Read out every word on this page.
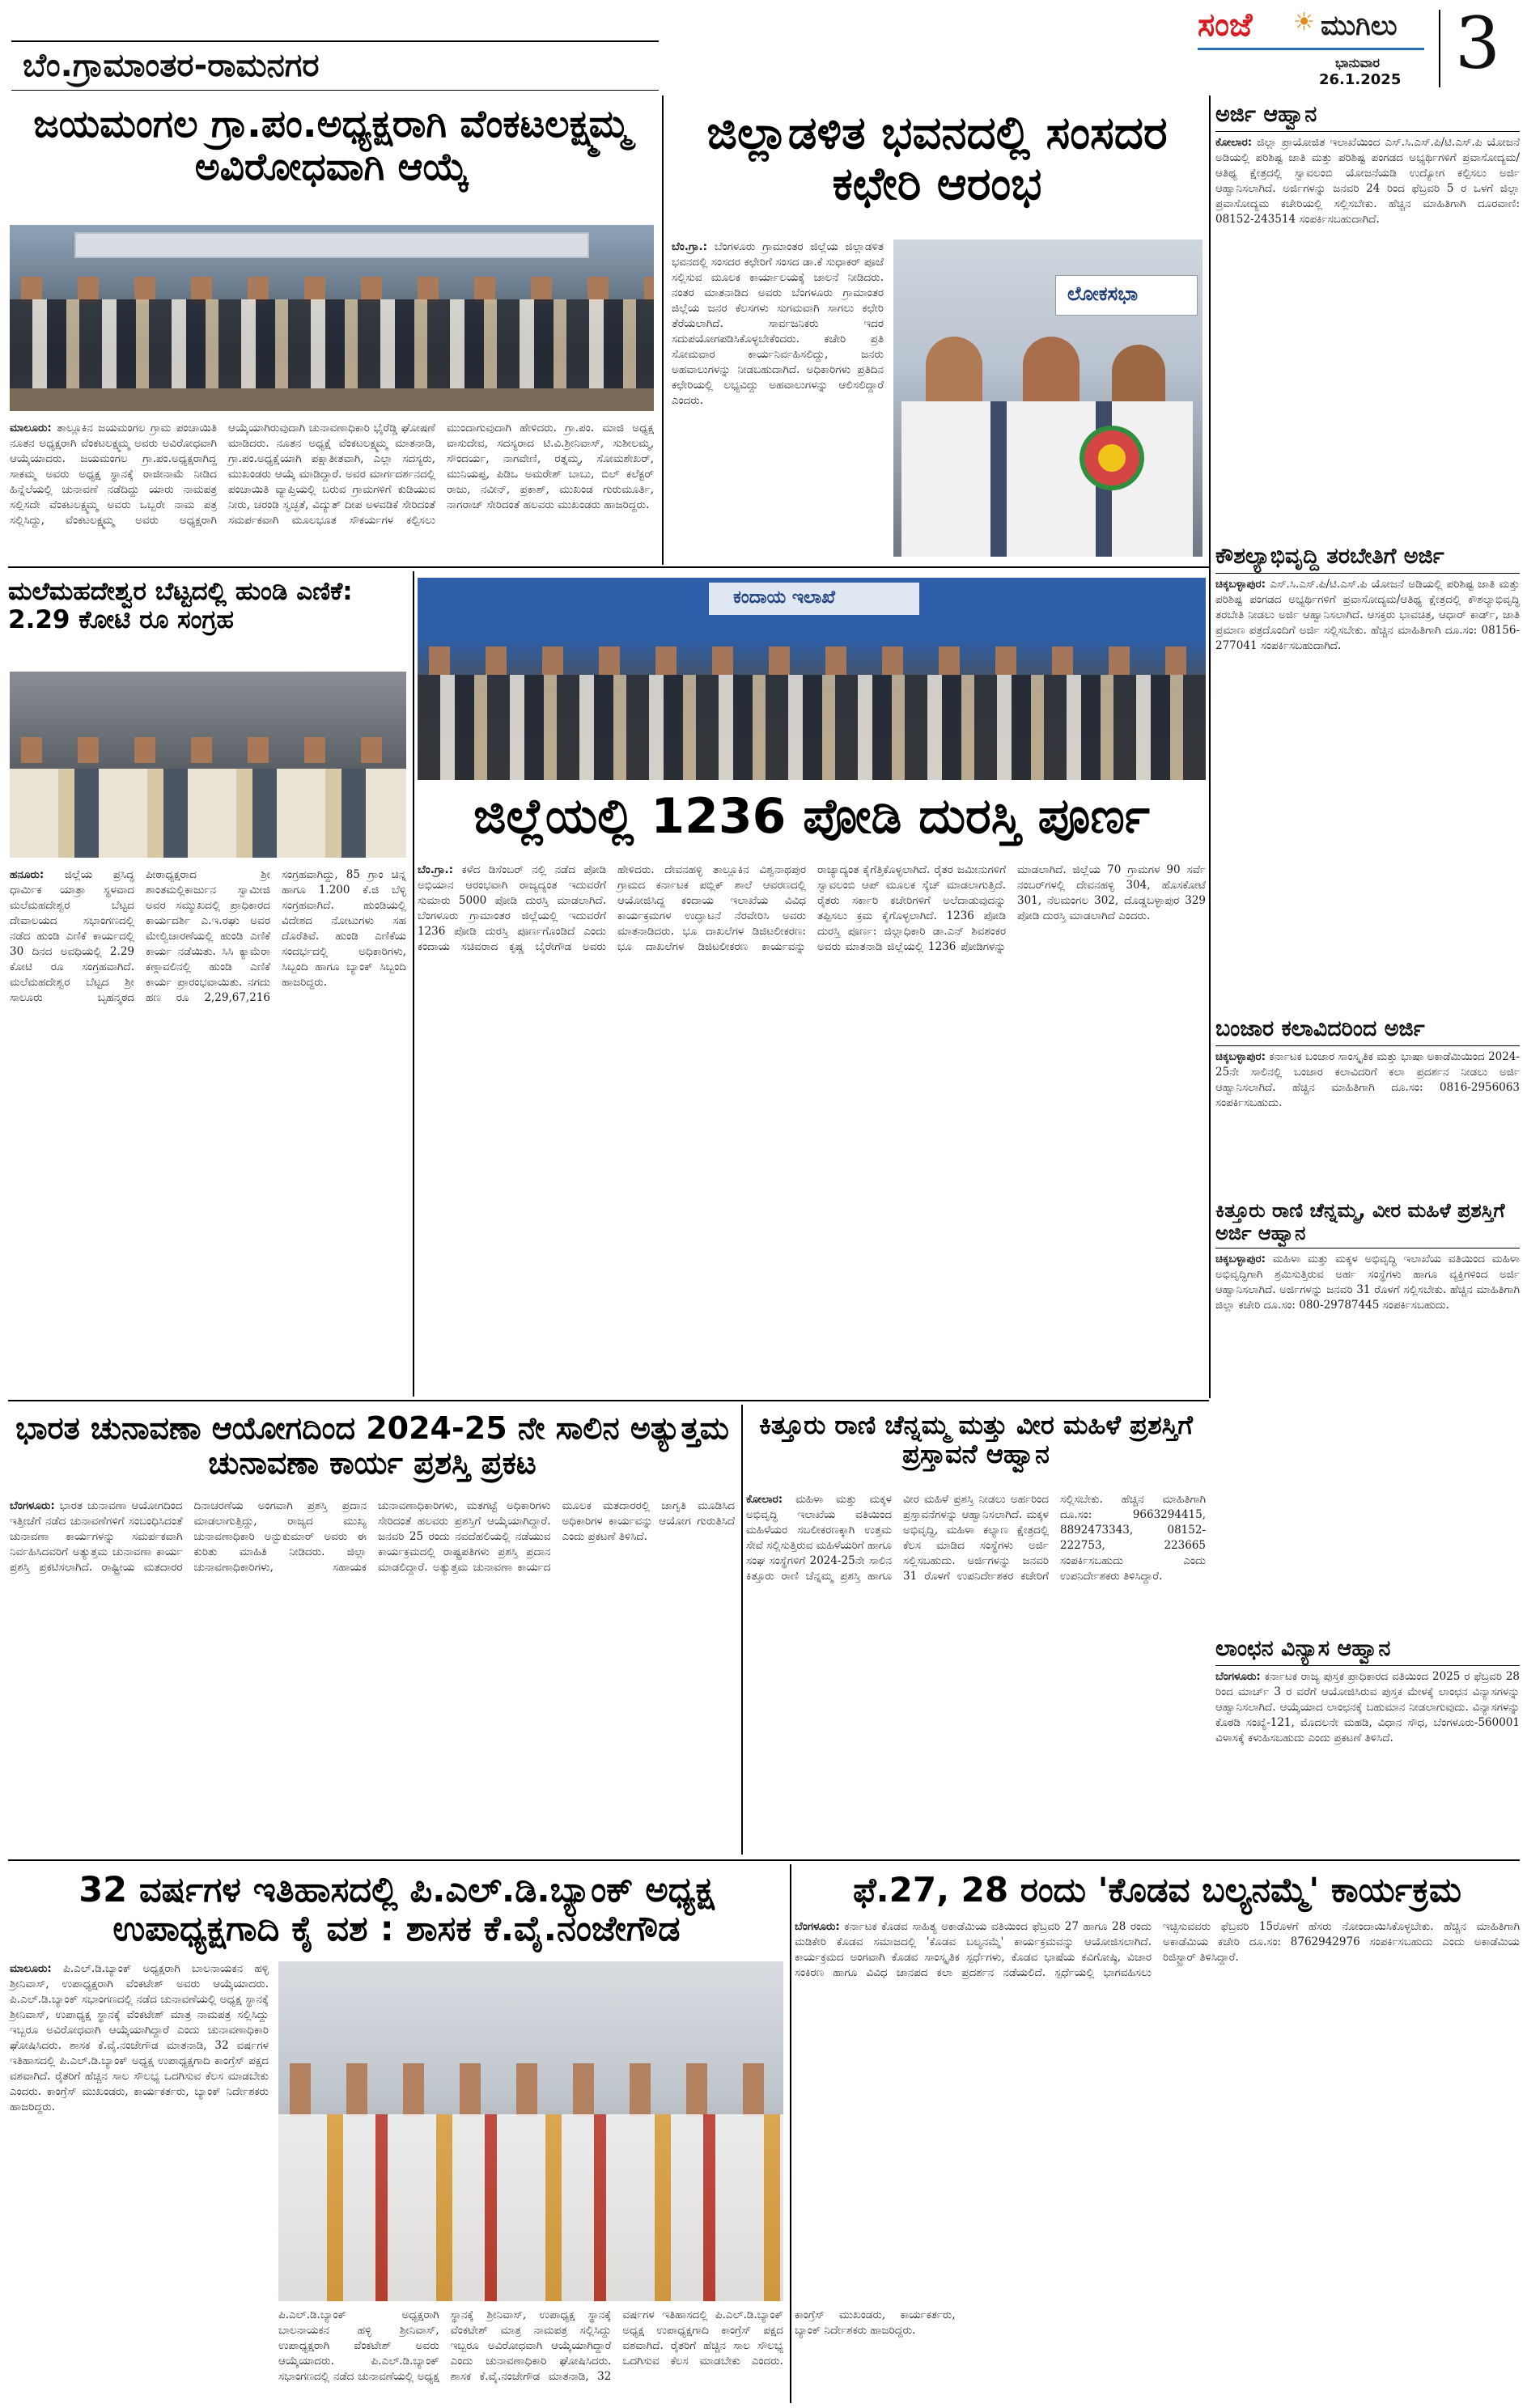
ಬೆಂ.ಗ್ರಾಮಾಂತರ-ರಾಮನಗರ
ಸಂಜೆ ☀ ಮುಗಿಲು
ಭಾನುವಾರ
26.1.2025 3
ಜಯಮಂಗಲ ಗ್ರಾ.ಪಂ.ಅಧ್ಯಕ್ಷರಾಗಿ ವೆಂಕಟಲಕ್ಷ್ಮಮ್ಮ ಅವಿರೋಧವಾಗಿ ಆಯ್ಕೆ
ಮಾಲೂರು: ತಾಲ್ಲೂಕಿನ ಜಯಮಂಗಲ ಗ್ರಾಮ ಪಂಚಾಯಿತಿ ನೂತನ ಅಧ್ಯಕ್ಷರಾಗಿ ವೆಂಕಟಲಕ್ಷ್ಮಮ್ಮ ಅವರು ಅವಿರೋಧವಾಗಿ ಆಯ್ಕೆಯಾದರು. ಜಯಮಂಗಲ ಗ್ರಾ.ಪಂ.ಅಧ್ಯಕ್ಷರಾಗಿದ್ದ ಸಾಕಮ್ಮ ಅವರು ಅಧ್ಯಕ್ಷ ಸ್ಥಾನಕ್ಕೆ ರಾಜೀನಾಮೆ ನೀಡಿದ ಹಿನ್ನೆಲೆಯಲ್ಲಿ ಚುನಾವಣೆ ನಡೆದಿದ್ದು ಯಾರು ನಾಮಪತ್ರ ಸಲ್ಲಿಸದೇ ವೆಂಕಟಲಕ್ಷ್ಮಮ್ಮ ಅವರು ಒಬ್ಬರೇ ನಾಮ ಪತ್ರ ಸಲ್ಲಿಸಿದ್ದು, ವೆಂಕಟಲಕ್ಷ್ಮಮ್ಮ ಅವರು ಅಧ್ಯಕ್ಷರಾಗಿ ಆಯ್ಕೆಯಾಗಿರುವುದಾಗಿ ಚುನಾವಣಾಧಿಕಾರಿ ಭೈರೆಡ್ಡಿ ಘೋಷಣೆ ಮಾಡಿದರು. ನೂತನ ಅಧ್ಯಕ್ಷೆ ವೆಂಕಟಲಕ್ಷ್ಮಮ್ಮ ಮಾತನಾಡಿ, ಗ್ರಾ.ಪಂ.ಅಧ್ಯಕ್ಷೆಯಾಗಿ ಪಕ್ಷಾತೀತವಾಗಿ, ಎಲ್ಲಾ ಸದಸ್ಯರು, ಮುಖಂಡರು ಆಯ್ಕೆ ಮಾಡಿದ್ದಾರೆ. ಅವರ ಮಾರ್ಗದರ್ಶನದಲ್ಲಿ ಪಂಚಾಯಿತಿ ವ್ಯಾಪ್ತಿಯಲ್ಲಿ ಬರುವ ಗ್ರಾಮಗಳಿಗೆ ಕುಡಿಯುವ ನೀರು, ಚರಂಡಿ ಸ್ವಚ್ಛತೆ, ವಿದ್ಯುತ್ ದೀಪ ಅಳವಡಿಕೆ ಸೇರಿದಂತೆ ಸಮರ್ಪಕವಾಗಿ ಮೂಲಭೂತ ಸೌಕರ್ಯಗಳ ಕಲ್ಪಿಸಲು ಮುಂದಾಗುವುದಾಗಿ ಹೇಳಿದರು. ಗ್ರಾ.ಪಂ. ಮಾಜಿ ಅಧ್ಯಕ್ಷ ವಾಸುದೇವ, ಸದಸ್ಯರಾದ ಟಿ.ವಿ.ಶ್ರೀನಿವಾಸ್, ಸುಶೀಲಮ್ಮ, ಸೌಂದರ್ಯ, ನಾಗವೇಣಿ, ರತ್ನಮ್ಮ, ಸೋಮಶೇಖರ್, ಮುನಿಯಪ್ಪ, ಪಿಡಿಒ ಅಮರೇಶ್ ಬಾಬು, ಬಿಲ್ ಕಲೆಕ್ಟರ್ ರಾಜು, ನವೀನ್, ಪ್ರಕಾಶ್, ಮುಖಂಡ ಗುರುಮೂರ್ತಿ, ನಾಗರಾಜ್ ಸೇರಿದಂತೆ ಹಲವರು ಮುಖಂಡರು ಹಾಜರಿದ್ದರು.
ಜಿಲ್ಲಾಡಳಿತ ಭವನದಲ್ಲಿ ಸಂಸದರ ಕಛೇರಿ ಆರಂಭ
ಬೆಂ.ಗ್ರಾ.: ಬೆಂಗಳೂರು ಗ್ರಾಮಾಂತರ ಜಿಲ್ಲೆಯ ಜಿಲ್ಲಾಡಳಿತ ಭವನದಲ್ಲಿ ಸಂಸದರ ಕಛೇರಿಗೆ ಸಂಸದ ಡಾ.ಕೆ ಸುಧಾಕರ್ ಪೂಜೆ ಸಲ್ಲಿಸುವ ಮೂಲಕ ಕಾರ್ಯಾಲಯಕ್ಕೆ ಚಾಲನೆ ನೀಡಿದರು. ನಂತರ ಮಾತನಾಡಿದ ಅವರು ಬೆಂಗಳೂರು ಗ್ರಾಮಾಂತರ ಜಿಲ್ಲೆಯ ಜನರ ಕೆಲಸಗಳು ಸುಗಮವಾಗಿ ಸಾಗಲು ಕಛೇರಿ ತೆರೆಯಲಾಗಿದೆ. ಸಾರ್ವಜನಿಕರು ಇದರ ಸದುಪಯೋಗಪಡಿಸಿಕೊಳ್ಳಬೇಕೆಂದರು. ಕಚೇರಿ ಪ್ರತಿ ಸೋಮವಾರ ಕಾರ್ಯನಿರ್ವಹಿಸಲಿದ್ದು, ಜನರು ಅಹವಾಲುಗಳನ್ನು ನೀಡಬಹುದಾಗಿದೆ. ಅಧಿಕಾರಿಗಳು ಪ್ರತಿದಿನ ಕಛೇರಿಯಲ್ಲಿ ಲಭ್ಯವಿದ್ದು ಅಹವಾಲುಗಳನ್ನು ಆಲಿಸಲಿದ್ದಾರೆ ಎಂದರು.
ಲೋಕಸಭಾ
ಅರ್ಜಿ ಆಹ್ವಾನ
ಕೋಲಾರ: ಜಿಲ್ಲಾ ಪ್ರಾಯೋಜಿತ ಇಲಾಖೆಯಿಂದ ಎಸ್.ಸಿ.ಎಸ್.ಪಿ/ಟಿ.ಎಸ್.ಪಿ ಯೋಜನೆ ಅಡಿಯಲ್ಲಿ ಪರಿಶಿಷ್ಟ ಜಾತಿ ಮತ್ತು ಪರಿಶಿಷ್ಟ ಪಂಗಡದ ಅಭ್ಯರ್ಥಿಗಳಿಗೆ ಪ್ರವಾಸೋದ್ಯಮ/ಆತಿಥ್ಯ ಕ್ಷೇತ್ರದಲ್ಲಿ ಸ್ವಾವಲಂಬಿ ಯೋಜನೆಯಡಿ ಉದ್ಯೋಗ ಕಲ್ಪಿಸಲು ಅರ್ಜಿ ಆಹ್ವಾನಿಸಲಾಗಿದೆ. ಅರ್ಜಿಗಳನ್ನು ಜನವರಿ 24 ರಿಂದ ಫೆಬ್ರವರಿ 5 ರ ಒಳಗೆ ಜಿಲ್ಲಾ ಪ್ರವಾಸೋದ್ಯಮ ಕಚೇರಿಯಲ್ಲಿ ಸಲ್ಲಿಸಬೇಕು. ಹೆಚ್ಚಿನ ಮಾಹಿತಿಗಾಗಿ ದೂರವಾಣಿ: 08152-243514 ಸಂಪರ್ಕಿಸಬಹುದಾಗಿದೆ.
ಕೌಶಲ್ಯಾಭಿವೃದ್ದಿ ತರಬೇತಿಗೆ ಅರ್ಜಿ
ಚಿಕ್ಕಬಳ್ಳಾಪುರ: ಎಸ್.ಸಿ.ಎಸ್.ಪಿ/ಟಿ.ಎಸ್.ಪಿ ಯೋಜನೆ ಅಡಿಯಲ್ಲಿ ಪರಿಶಿಷ್ಟ ಜಾತಿ ಮತ್ತು ಪರಿಶಿಷ್ಟ ಪಂಗಡದ ಅಭ್ಯರ್ಥಿಗಳಿಗೆ ಪ್ರವಾಸೋದ್ಯಮ/ಆತಿಥ್ಯ ಕ್ಷೇತ್ರದಲ್ಲಿ ಕೌಶಲ್ಯಾಭಿವೃದ್ಧಿ ತರಬೇತಿ ನೀಡಲು ಅರ್ಜಿ ಆಹ್ವಾನಿಸಲಾಗಿದೆ. ಆಸಕ್ತರು ಭಾವಚಿತ್ರ, ಆಧಾರ್ ಕಾರ್ಡ್, ಜಾತಿ ಪ್ರಮಾಣ ಪತ್ರದೊಂದಿಗೆ ಅರ್ಜಿ ಸಲ್ಲಿಸಬೇಕು. ಹೆಚ್ಚಿನ ಮಾಹಿತಿಗಾಗಿ ದೂ.ಸಂ: 08156-277041 ಸಂಪರ್ಕಿಸಬಹುದಾಗಿದೆ.
ಬಂಜಾರ ಕಲಾವಿದರಿಂದ ಅರ್ಜಿ
ಚಿಕ್ಕಬಳ್ಳಾಪುರ: ಕರ್ನಾಟಕ ಬಂಜಾರ ಸಾಂಸ್ಕೃತಿಕ ಮತ್ತು ಭಾಷಾ ಅಕಾಡೆಮಿಯಿಂದ 2024-25ನೇ ಸಾಲಿನಲ್ಲಿ ಬಂಜಾರ ಕಲಾವಿದರಿಗೆ ಕಲಾ ಪ್ರದರ್ಶನ ನೀಡಲು ಅರ್ಜಿ ಆಹ್ವಾನಿಸಲಾಗಿದೆ. ಹೆಚ್ಚಿನ ಮಾಹಿತಿಗಾಗಿ ದೂ.ಸಂ: 0816-2956063 ಸಂಪರ್ಕಿಸಬಹುದು.
ಕಿತ್ತೂರು ರಾಣಿ ಚೆನ್ನಮ್ಮ, ವೀರ ಮಹಿಳೆ ಪ್ರಶಸ್ತಿಗೆ ಅರ್ಜಿ ಆಹ್ವಾನ
ಚಿಕ್ಕಬಳ್ಳಾಪುರ: ಮಹಿಳಾ ಮತ್ತು ಮಕ್ಕಳ ಅಭಿವೃದ್ಧಿ ಇಲಾಖೆಯ ವತಿಯಿಂದ ಮಹಿಳಾ ಅಭಿವೃದ್ಧಿಗಾಗಿ ಶ್ರಮಿಸುತ್ತಿರುವ ಅರ್ಹ ಸಂಸ್ಥೆಗಳು ಹಾಗೂ ವ್ಯಕ್ತಿಗಳಿಂದ ಅರ್ಜಿ ಆಹ್ವಾನಿಸಲಾಗಿದೆ. ಅರ್ಜಿಗಳನ್ನು ಜನವರಿ 31 ರೊಳಗೆ ಸಲ್ಲಿಸಬೇಕು. ಹೆಚ್ಚಿನ ಮಾಹಿತಿಗಾಗಿ ಜಿಲ್ಲಾ ಕಚೇರಿ ದೂ.ಸಂ: 080-29787445 ಸಂಪರ್ಕಿಸಬಹುದು.
ಲಾಂಛನ ವಿನ್ಯಾಸ ಆಹ್ವಾನ
ಬೆಂಗಳೂರು: ಕರ್ನಾಟಕ ರಾಜ್ಯ ಪುಸ್ತಕ ಪ್ರಾಧಿಕಾರದ ವತಿಯಿಂದ 2025 ರ ಫೆಬ್ರವರಿ 28 ರಿಂದ ಮಾರ್ಚ್ 3 ರ ವರೆಗೆ ಆಯೋಜಿಸಿರುವ ಪುಸ್ತಕ ಮೇಳಕ್ಕೆ ಲಾಂಛನ ವಿನ್ಯಾಸಗಳನ್ನು ಆಹ್ವಾನಿಸಲಾಗಿದೆ. ಆಯ್ಕೆಯಾದ ಲಾಂಛನಕ್ಕೆ ಬಹುಮಾನ ನೀಡಲಾಗುವುದು. ವಿನ್ಯಾಸಗಳನ್ನು ಕೊಠಡಿ ಸಂಖ್ಯೆ-121, ಮೊದಲನೇ ಮಹಡಿ, ವಿಧಾನ ಸೌಧ, ಬೆಂಗಳೂರು-560001 ವಿಳಾಸಕ್ಕೆ ಕಳುಹಿಸಬಹುದು ಎಂದು ಪ್ರಕಟಣೆ ತಿಳಿಸಿದೆ.
ಮಲೆಮಹದೇಶ್ವರ ಬೆಟ್ಟದಲ್ಲಿ ಹುಂಡಿ ಎಣಿಕೆ: 2.29 ಕೋಟಿ ರೂ ಸಂಗ್ರಹ
ಹನೂರು: ಜಿಲ್ಲೆಯ ಪ್ರಸಿದ್ಧ ಧಾರ್ಮಿಕ ಯಾತ್ರಾ ಸ್ಥಳವಾದ ಮಲೆಮಹದೇಶ್ವರ ಬೆಟ್ಟದ ದೇವಾಲಯದ ಸಭಾಂಗಣದಲ್ಲಿ ನಡೆದ ಹುಂಡಿ ಎಣಿಕೆ ಕಾರ್ಯದಲ್ಲಿ 30 ದಿನದ ಅವಧಿಯಲ್ಲಿ 2.29 ಕೋಟಿ ರೂ ಸಂಗ್ರಹವಾಗಿದೆ. ಮಲೆಮಹದೇಶ್ವರ ಬೆಟ್ಟದ ಶ್ರೀ ಸಾಲೂರು ಬೃಹನ್ಮಠದ ಪೀಠಾಧ್ಯಕ್ಷರಾದ ಶ್ರೀ ಶಾಂತಮಲ್ಲಿಕಾರ್ಜುನ ಸ್ವಾಮೀಜಿ ಅವರ ಸಮ್ಮುಖದಲ್ಲಿ ಪ್ರಾಧಿಕಾರದ ಕಾರ್ಯದರ್ಶಿ ಎ.ಇ.ರಘು ಅವರ ಮೇಲ್ವಿಚಾರಣೆಯಲ್ಲಿ ಹುಂಡಿ ಎಣಿಕೆ ಕಾರ್ಯ ನಡೆಯಿತು. ಸಿಸಿ ಕ್ಯಾಮೆರಾ ಕಣ್ಗಾವಲಿನಲ್ಲಿ ಹುಂಡಿ ಎಣಿಕೆ ಕಾರ್ಯ ಪ್ರಾರಂಭವಾಯಿತು. ನಗದು ಹಣ ರೂ 2,29,67,216 ಸಂಗ್ರಹವಾಗಿದ್ದು, 85 ಗ್ರಾಂ ಚಿನ್ನ ಹಾಗೂ 1.200 ಕೆ.ಜಿ ಬೆಳ್ಳಿ ಸಂಗ್ರಹವಾಗಿದೆ. ಹುಂಡಿಯಲ್ಲಿ ವಿದೇಶದ ನೋಟುಗಳು ಸಹ ದೊರೆತಿವೆ. ಹುಂಡಿ ಎಣಿಕೆಯ ಸಂದರ್ಭದಲ್ಲಿ ಅಧಿಕಾರಿಗಳು, ಸಿಬ್ಬಂದಿ ಹಾಗೂ ಬ್ಯಾಂಕ್ ಸಿಬ್ಬಂದಿ ಹಾಜರಿದ್ದರು.
ಕಂದಾಯ ಇಲಾಖೆ
ಜಿಲ್ಲೆಯಲ್ಲಿ 1236 ಪೋಡಿ ದುರಸ್ತಿ ಪೂರ್ಣ
ಬೆಂ.ಗ್ರಾ.: ಕಳೆದ ಡಿಸೆಂಬರ್ ನಲ್ಲಿ ನಡೆದ ಪೋಡಿ ಅಭಿಯಾನ ಆರಂಭವಾಗಿ ರಾಜ್ಯದ್ಯಂತ ಇದುವರೆಗೆ ಸುಮಾರು 5000 ಪೋಡಿ ದುರಸ್ತಿ ಮಾಡಲಾಗಿದೆ. ಬೆಂಗಳೂರು ಗ್ರಾಮಾಂತರ ಜಿಲ್ಲೆಯಲ್ಲಿ ಇದುವರೆಗೆ 1236 ಪೋಡಿ ದುರಸ್ತಿ ಪೂರ್ಣಗೊಂಡಿದೆ ಎಂದು ಕಂದಾಯ ಸಚಿವರಾದ ಕೃಷ್ಣ ಬೈರೇಗೌಡ ಅವರು ಹೇಳಿದರು. ದೇವನಹಳ್ಳಿ ತಾಲ್ಲೂಕಿನ ವಿಶ್ವನಾಥಪುರ ಗ್ರಾಮದ ಕರ್ನಾಟಕ ಪಬ್ಲಿಕ್ ಶಾಲೆ ಆವರಣದಲ್ಲಿ ಆಯೋಜಿಸಿದ್ದ ಕಂದಾಯ ಇಲಾಖೆಯ ವಿವಿಧ ಕಾರ್ಯಕ್ರಮಗಳ ಉದ್ಘಾಟನೆ ನೆರವೇರಿಸಿ ಅವರು ಮಾತನಾಡಿದರು. ಭೂ ದಾಖಲೆಗಳ ಡಿಜಿಟಲೀಕರಣ: ಭೂ ದಾಖಲೆಗಳ ಡಿಜಿಟಲೀಕರಣ ಕಾರ್ಯವನ್ನು ರಾಜ್ಯಾದ್ಯಂತ ಕೈಗೆತ್ತಿಕೊಳ್ಳಲಾಗಿದೆ. ರೈತರ ಜಮೀನುಗಳಿಗೆ ಸ್ವಾವಲಂಬಿ ಆಪ್ ಮೂಲಕ ಸ್ಕೆಚ್ ಮಾಡಲಾಗುತ್ತಿದೆ. ರೈತರು ಸರ್ಕಾರಿ ಕಚೇರಿಗಳಿಗೆ ಅಲೆದಾಡುವುದನ್ನು ತಪ್ಪಿಸಲು ಕ್ರಮ ಕೈಗೊಳ್ಳಲಾಗಿದೆ. 1236 ಪೋಡಿ ದುರಸ್ತಿ ಪೂರ್ಣ: ಜಿಲ್ಲಾಧಿಕಾರಿ ಡಾ.ಎನ್ ಶಿವಶಂಕರ ಅವರು ಮಾತನಾಡಿ ಜಿಲ್ಲೆಯಲ್ಲಿ 1236 ಪೋಡಿಗಳನ್ನು ಮಾಡಲಾಗಿದೆ. ಜಿಲ್ಲೆಯ 70 ಗ್ರಾಮಗಳ 90 ಸರ್ವೆ ನಂಬರ್‌ಗಳಲ್ಲಿ ದೇವನಹಳ್ಳಿ 304, ಹೊಸಕೋಟೆ 301, ನೆಲಮಂಗಲ 302, ದೊಡ್ಡಬಳ್ಳಾಪುರ 329 ಪೋಡಿ ದುರಸ್ತಿ ಮಾಡಲಾಗಿದೆ ಎಂದರು.
ಭಾರತ ಚುನಾವಣಾ ಆಯೋಗದಿಂದ 2024-25 ನೇ ಸಾಲಿನ ಅತ್ಯುತ್ತಮ ಚುನಾವಣಾ ಕಾರ್ಯ ಪ್ರಶಸ್ತಿ ಪ್ರಕಟ
ಬೆಂಗಳೂರು: ಭಾರತ ಚುನಾವಣಾ ಆಯೋಗದಿಂದ ಇತ್ತೀಚೆಗೆ ನಡೆದ ಚುನಾವಣೆಗಳಿಗೆ ಸಂಬಂಧಿಸಿದಂತೆ ಚುನಾವಣಾ ಕಾರ್ಯಗಳನ್ನು ಸಮರ್ಪಕವಾಗಿ ನಿರ್ವಹಿಸಿದವರಿಗೆ ಅತ್ಯುತ್ತಮ ಚುನಾವಣಾ ಕಾರ್ಯ ಪ್ರಶಸ್ತಿ ಪ್ರಕಟಿಸಲಾಗಿದೆ. ರಾಷ್ಟ್ರೀಯ ಮತದಾರರ ದಿನಾಚರಣೆಯ ಅಂಗವಾಗಿ ಪ್ರಶಸ್ತಿ ಪ್ರದಾನ ಮಾಡಲಾಗುತ್ತಿದ್ದು, ರಾಜ್ಯದ ಮುಖ್ಯ ಚುನಾವಣಾಧಿಕಾರಿ ಅನ್ಬುಕುಮಾರ್ ಅವರು ಈ ಕುರಿತು ಮಾಹಿತಿ ನೀಡಿದರು. ಜಿಲ್ಲಾ ಚುನಾವಣಾಧಿಕಾರಿಗಳು, ಸಹಾಯಕ ಚುನಾವಣಾಧಿಕಾರಿಗಳು, ಮತಗಟ್ಟೆ ಅಧಿಕಾರಿಗಳು ಸೇರಿದಂತೆ ಹಲವರು ಪ್ರಶಸ್ತಿಗೆ ಆಯ್ಕೆಯಾಗಿದ್ದಾರೆ. ಜನವರಿ 25 ರಂದು ನವದೆಹಲಿಯಲ್ಲಿ ನಡೆಯುವ ಕಾರ್ಯಕ್ರಮದಲ್ಲಿ ರಾಷ್ಟ್ರಪತಿಗಳು ಪ್ರಶಸ್ತಿ ಪ್ರದಾನ ಮಾಡಲಿದ್ದಾರೆ. ಅತ್ಯುತ್ತಮ ಚುನಾವಣಾ ಕಾರ್ಯದ ಮೂಲಕ ಮತದಾರರಲ್ಲಿ ಜಾಗೃತಿ ಮೂಡಿಸಿದ ಅಧಿಕಾರಿಗಳ ಕಾರ್ಯವನ್ನು ಆಯೋಗ ಗುರುತಿಸಿದೆ ಎಂದು ಪ್ರಕಟಣೆ ತಿಳಿಸಿದೆ.
ಕಿತ್ತೂರು ರಾಣಿ ಚೆನ್ನಮ್ಮ ಮತ್ತು ವೀರ ಮಹಿಳೆ ಪ್ರಶಸ್ತಿಗೆ ಪ್ರಸ್ತಾವನೆ ಆಹ್ವಾನ
ಕೋಲಾರ: ಮಹಿಳಾ ಮತ್ತು ಮಕ್ಕಳ ಅಭಿವೃದ್ಧಿ ಇಲಾಖೆಯ ವತಿಯಿಂದ ಮಹಿಳೆಯರ ಸಬಲೀಕರಣಕ್ಕಾಗಿ ಉತ್ತಮ ಸೇವೆ ಸಲ್ಲಿಸುತ್ತಿರುವ ಮಹಿಳೆಯರಿಗೆ ಹಾಗೂ ಸಂಘ ಸಂಸ್ಥೆಗಳಿಗೆ 2024-25ನೇ ಸಾಲಿನ ಕಿತ್ತೂರು ರಾಣಿ ಚೆನ್ನಮ್ಮ ಪ್ರಶಸ್ತಿ ಹಾಗೂ ವೀರ ಮಹಿಳೆ ಪ್ರಶಸ್ತಿ ನೀಡಲು ಅರ್ಹರಿಂದ ಪ್ರಸ್ತಾವನೆಗಳನ್ನು ಆಹ್ವಾನಿಸಲಾಗಿದೆ. ಮಕ್ಕಳ ಅಭಿವೃದ್ಧಿ, ಮಹಿಳಾ ಕಲ್ಯಾಣ ಕ್ಷೇತ್ರದಲ್ಲಿ ಕೆಲಸ ಮಾಡಿದ ಸಂಸ್ಥೆಗಳು ಅರ್ಜಿ ಸಲ್ಲಿಸಬಹುದು. ಅರ್ಜಿಗಳನ್ನು ಜನವರಿ 31 ರೊಳಗೆ ಉಪನಿರ್ದೇಶಕರ ಕಚೇರಿಗೆ ಸಲ್ಲಿಸಬೇಕು. ಹೆಚ್ಚಿನ ಮಾಹಿತಿಗಾಗಿ ದೂ.ಸಂ: 9663294415, 8892473343, 08152-222753, 223665 ಸಂಪರ್ಕಿಸಬಹುದು ಎಂದು ಉಪನಿರ್ದೇಶಕರು ತಿಳಿಸಿದ್ದಾರೆ.
32 ವರ್ಷಗಳ ಇತಿಹಾಸದಲ್ಲಿ ಪಿ.ಎಲ್.ಡಿ.ಬ್ಯಾಂಕ್ ಅಧ್ಯಕ್ಷ ಉಪಾಧ್ಯಕ್ಷಗಾದಿ ಕೈ ವಶ : ಶಾಸಕ ಕೆ.ವೈ.ನಂಜೇಗೌಡ
ಮಾಲೂರು: ಪಿ.ಎಲ್.ಡಿ.ಬ್ಯಾಂಕ್ ಅಧ್ಯಕ್ಷರಾಗಿ ಬಾಲನಾಯಕನ ಹಳ್ಳಿ ಶ್ರೀನಿವಾಸ್, ಉಪಾಧ್ಯಕ್ಷರಾಗಿ ವೆಂಕಟೇಶ್ ಅವರು ಆಯ್ಕೆಯಾದರು. ಪಿ.ಎಲ್.ಡಿ.ಬ್ಯಾಂಕ್ ಸಭಾಂಗಣದಲ್ಲಿ ನಡೆದ ಚುನಾವಣೆಯಲ್ಲಿ ಅಧ್ಯಕ್ಷ ಸ್ಥಾನಕ್ಕೆ ಶ್ರೀನಿವಾಸ್, ಉಪಾಧ್ಯಕ್ಷ ಸ್ಥಾನಕ್ಕೆ ವೆಂಕಟೇಶ್ ಮಾತ್ರ ನಾಮಪತ್ರ ಸಲ್ಲಿಸಿದ್ದು ಇಬ್ಬರೂ ಅವಿರೋಧವಾಗಿ ಆಯ್ಕೆಯಾಗಿದ್ದಾರೆ ಎಂದು ಚುನಾವಣಾಧಿಕಾರಿ ಘೋಷಿಸಿದರು. ಶಾಸಕ ಕೆ.ವೈ.ನಂಜೇಗೌಡ ಮಾತನಾಡಿ, 32 ವರ್ಷಗಳ ಇತಿಹಾಸದಲ್ಲಿ ಪಿ.ಎಲ್.ಡಿ.ಬ್ಯಾಂಕ್ ಅಧ್ಯಕ್ಷ ಉಪಾಧ್ಯಕ್ಷಗಾದಿ ಕಾಂಗ್ರೆಸ್ ಪಕ್ಷದ ವಶವಾಗಿದೆ. ರೈತರಿಗೆ ಹೆಚ್ಚಿನ ಸಾಲ ಸೌಲಭ್ಯ ಒದಗಿಸುವ ಕೆಲಸ ಮಾಡಬೇಕು ಎಂದರು. ಕಾಂಗ್ರೆಸ್ ಮುಖಂಡರು, ಕಾರ್ಯಕರ್ತರು, ಬ್ಯಾಂಕ್ ನಿರ್ದೇಶಕರು ಹಾಜರಿದ್ದರು.
ಪಿ.ಎಲ್.ಡಿ.ಬ್ಯಾಂಕ್ ಅಧ್ಯಕ್ಷರಾಗಿ ಬಾಲನಾಯಕನ ಹಳ್ಳಿ ಶ್ರೀನಿವಾಸ್, ಉಪಾಧ್ಯಕ್ಷರಾಗಿ ವೆಂಕಟೇಶ್ ಅವರು ಆಯ್ಕೆಯಾದರು. ಪಿ.ಎಲ್.ಡಿ.ಬ್ಯಾಂಕ್ ಸಭಾಂಗಣದಲ್ಲಿ ನಡೆದ ಚುನಾವಣೆಯಲ್ಲಿ ಅಧ್ಯಕ್ಷ ಸ್ಥಾನಕ್ಕೆ ಶ್ರೀನಿವಾಸ್, ಉಪಾಧ್ಯಕ್ಷ ಸ್ಥಾನಕ್ಕೆ ವೆಂಕಟೇಶ್ ಮಾತ್ರ ನಾಮಪತ್ರ ಸಲ್ಲಿಸಿದ್ದು ಇಬ್ಬರೂ ಅವಿರೋಧವಾಗಿ ಆಯ್ಕೆಯಾಗಿದ್ದಾರೆ ಎಂದು ಚುನಾವಣಾಧಿಕಾರಿ ಘೋಷಿಸಿದರು. ಶಾಸಕ ಕೆ.ವೈ.ನಂಜೇಗೌಡ ಮಾತನಾಡಿ, 32 ವರ್ಷಗಳ ಇತಿಹಾಸದಲ್ಲಿ ಪಿ.ಎಲ್.ಡಿ.ಬ್ಯಾಂಕ್ ಅಧ್ಯಕ್ಷ ಉಪಾಧ್ಯಕ್ಷಗಾದಿ ಕಾಂಗ್ರೆಸ್ ಪಕ್ಷದ ವಶವಾಗಿದೆ. ರೈತರಿಗೆ ಹೆಚ್ಚಿನ ಸಾಲ ಸೌಲಭ್ಯ ಒದಗಿಸುವ ಕೆಲಸ ಮಾಡಬೇಕು ಎಂದರು. ಕಾಂಗ್ರೆಸ್ ಮುಖಂಡರು, ಕಾರ್ಯಕರ್ತರು, ಬ್ಯಾಂಕ್ ನಿರ್ದೇಶಕರು ಹಾಜರಿದ್ದರು.
ಫೆ.27, 28 ರಂದು 'ಕೊಡವ ಬಲ್ಯನಮ್ಮೆ' ಕಾರ್ಯಕ್ರಮ
ಬೆಂಗಳೂರು: ಕರ್ನಾಟಕ ಕೊಡವ ಸಾಹಿತ್ಯ ಅಕಾಡೆಮಿಯ ವತಿಯಿಂದ ಫೆಬ್ರವರಿ 27 ಹಾಗೂ 28 ರಂದು ಮಡಿಕೇರಿ ಕೊಡವ ಸಮಾಜದಲ್ಲಿ 'ಕೊಡವ ಬಲ್ಯನಮ್ಮೆ' ಕಾರ್ಯಕ್ರಮವನ್ನು ಆಯೋಜಿಸಲಾಗಿದೆ. ಕಾರ್ಯಕ್ರಮದ ಅಂಗವಾಗಿ ಕೊಡವ ಸಾಂಸ್ಕೃತಿಕ ಸ್ಪರ್ಧೆಗಳು, ಕೊಡವ ಭಾಷೆಯ ಕವಿಗೋಷ್ಠಿ, ವಿಚಾರ ಸಂಕಿರಣ ಹಾಗೂ ವಿವಿಧ ಜಾನಪದ ಕಲಾ ಪ್ರದರ್ಶನ ನಡೆಯಲಿದೆ. ಸ್ಪರ್ಧೆಯಲ್ಲಿ ಭಾಗವಹಿಸಲು ಇಚ್ಛಿಸುವವರು ಫೆಬ್ರವರಿ 15ರೊಳಗೆ ಹೆಸರು ನೋಂದಾಯಿಸಿಕೊಳ್ಳಬೇಕು. ಹೆಚ್ಚಿನ ಮಾಹಿತಿಗಾಗಿ ಅಕಾಡೆಮಿಯ ಕಚೇರಿ ದೂ.ಸಂ: 8762942976 ಸಂಪರ್ಕಿಸಬಹುದು ಎಂದು ಅಕಾಡೆಮಿಯ ರಿಜಿಸ್ಟ್ರಾರ್ ತಿಳಿಸಿದ್ದಾರೆ.
